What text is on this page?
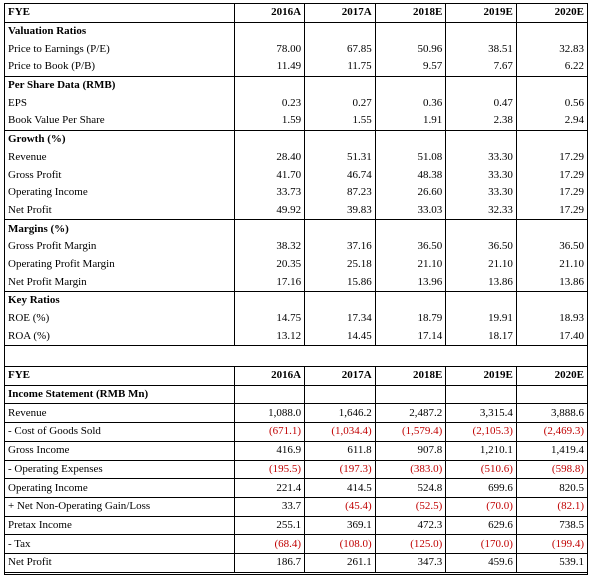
FYE	2016A	2017A	2018E	2019E	2020E
Valuation Ratios					
Price to Earnings (P/E)	78.00	67.85	50.96	38.51	32.83
Price to Book (P/B)	11.49	11.75	9.57	7.67	6.22
Per Share Data (RMB)					
EPS	0.23	0.27	0.36	0.47	0.56
Book Value Per Share	1.59	1.55	1.91	2.38	2.94
Growth (%)					
Revenue	28.40	51.31	51.08	33.30	17.29
Gross Profit	41.70	46.74	48.38	33.30	17.29
Operating Income	33.73	87.23	26.60	33.30	17.29
Net Profit	49.92	39.83	33.03	32.33	17.29
Margins (%)					
Gross Profit Margin	38.32	37.16	36.50	36.50	36.50
Operating Profit Margin	20.35	25.18	21.10	21.10	21.10
Net Profit Margin	17.16	15.86	13.96	13.86	13.86
Key Ratios					
ROE (%)	14.75	17.34	18.79	19.91	18.93
ROA (%)	13.12	14.45	17.14	18.17	17.40

FYE	2016A	2017A	2018E	2019E	2020E
Income Statement (RMB Mn)					
Revenue	1,088.0	1,646.2	2,487.2	3,315.4	3,888.6
- Cost of Goods Sold	(671.1)	(1,034.4)	(1,579.4)	(2,105.3)	(2,469.3)
Gross Income	416.9	611.8	907.8	1,210.1	1,419.4
- Operating Expenses	(195.5)	(197.3)	(383.0)	(510.6)	(598.8)
Operating Income	221.4	414.5	524.8	699.6	820.5
+ Net Non-Operating Gain/Loss	33.7	(45.4)	(52.5)	(70.0)	(82.1)
Pretax Income	255.1	369.1	472.3	629.6	738.5
- Tax	(68.4)	(108.0)	(125.0)	(170.0)	(199.4)
Net Profit	186.7	261.1	347.3	459.6	539.1
